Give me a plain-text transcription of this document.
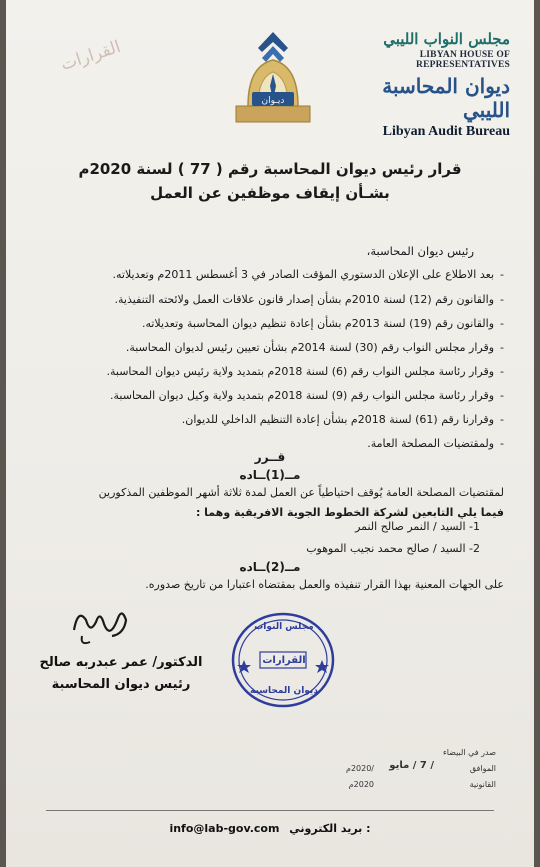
مجلس النواب الليبي
LIBYAN HOUSE OF REPRESENTATIVES
ديوان المحاسبة الليبي
Libyan Audit Bureau
ديـوان
القرارات
قرار رئيس ديوان المحاسبة رقم ( 77 ) لسنة 2020م
بشـأن إيقاف موظفين عن العمل
رئيس ديوان المحاسبة،
-بعد الاطلاع على الإعلان الدستوري المؤقت الصادر في 3 أغسطس 2011م وتعديلاته.
-والقانون رقم (12) لسنة 2010م بشأن إصدار قانون علاقات العمل ولائحته التنفيذية.
-والقانون رقم (19) لسنة 2013م بشأن إعادة تنظيم ديوان المحاسبة وتعديلاته.
-وقرار مجلس النواب رقم (30) لسنة 2014م بشأن تعيين رئيس لديوان المحاسبة.
-وقرار رئاسة مجلس النواب رقم (6) لسنة 2018م بتمديد ولاية رئيس ديوان المحاسبة.
-وقرار رئاسة مجلس النواب رقم (9) لسنة 2018م بتمديد ولاية وكيل ديوان المحاسبة.
-وقرارنا رقم (61) لسنة 2018م بشأن إعادة التنظيم الداخلي للديوان.
-ولمقتضيات المصلحة العامة.
قــرر
مــ(1)ــاده
لمقتضيات المصلحة العامة يُوقف احتياطياً عن العمل لمدة ثلاثة أشهر الموظفين المذكورين
فيما يلي التابعين لشركة الخطوط الجوية الافريقية وهما :
1- السيد / النمر صالح النمر
2- السيد / صالح محمد نجيب الموهوب
مــ(2)ــاده
على الجهات المعنية بهذا القرار تنفيذه والعمل بمقتضاه اعتبارا من تاريخ صدوره.
الدكتور/ عمر عبدربه صالح
رئيس ديوان المحاسبة
مجلس النواب
القرارات
ديوان المحاسبة
صدر في البيضاء
الموافق
/ 7 / مايو
/2020م
القانونية
2020م
info@lab-gov.com بريد الكتروني :
